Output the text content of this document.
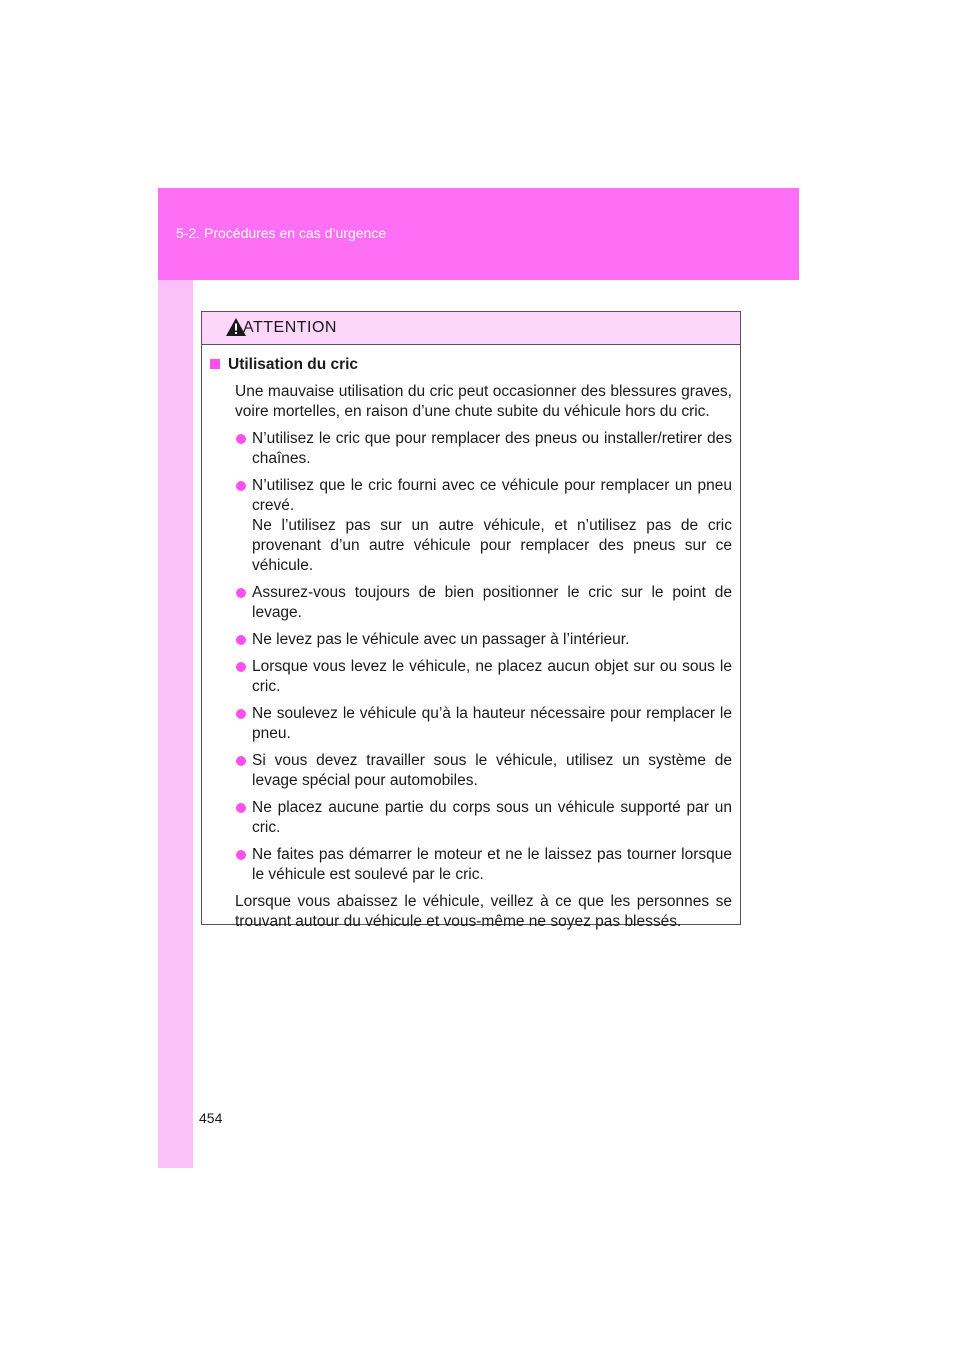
5-2. Procédures en cas d’urgence
ATTENTION
Utilisation du cric

Une mauvaise utilisation du cric peut occasionner des blessures graves, voire mortelles, en raison d’une chute subite du véhicule hors du cric.

N’utilisez le cric que pour remplacer des pneus ou installer/retirer des chaînes.
N’utilisez que le cric fourni avec ce véhicule pour remplacer un pneu crevé.
Ne l’utilisez pas sur un autre véhicule, et n’utilisez pas de cric provenant d’un autre véhicule pour remplacer des pneus sur ce véhicule.
Assurez-vous toujours de bien positionner le cric sur le point de levage.
Ne levez pas le véhicule avec un passager à l’intérieur.
Lorsque vous levez le véhicule, ne placez aucun objet sur ou sous le cric.
Ne soulevez le véhicule qu’à la hauteur nécessaire pour remplacer le pneu.
Si vous devez travailler sous le véhicule, utilisez un système de levage spécial pour automobiles.
Ne placez aucune partie du corps sous un véhicule supporté par un cric.
Ne faites pas démarrer le moteur et ne le laissez pas tourner lorsque le véhicule est soulevé par le cric.

Lorsque vous abaissez le véhicule, veillez à ce que les personnes se trouvant autour du véhicule et vous-même ne soyez pas blessés.

454
